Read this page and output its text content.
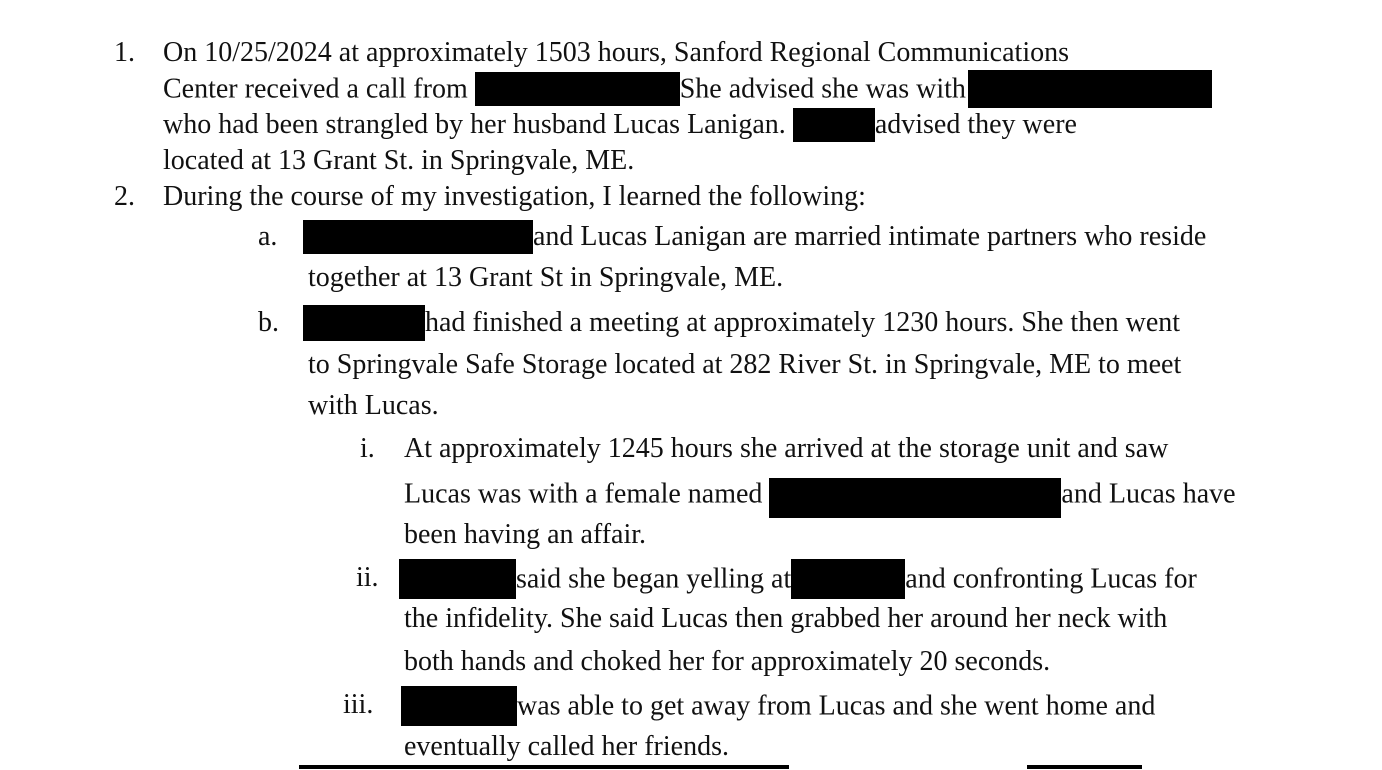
1. On 10/25/2024 at approximately 1503 hours, Sanford Regional Communications
Center received a call from	She advised she was with
who had been strangled by her husband Lucas Lanigan.	advised they were
located at 13 Grant St. in Springvale, ME.
2. During the course of my investigation, I learned the following:
a.	and Lucas Lanigan are married intimate partners who reside
together at 13 Grant St in Springvale, ME.
b.	had finished a meeting at approximately 1230 hours. She then went
to Springvale Safe Storage located at 282 River St. in Springvale, ME to meet
with Lucas.
i. At approximately 1245 hours she arrived at the storage unit and saw
Lucas was with a female named	and Lucas have
been having an affair.
ii.	said she began yelling at	and confronting Lucas for
the infidelity. She said Lucas then grabbed her around her neck with
both hands and choked her for approximately 20 seconds.
iii.	was able to get away from Lucas and she went home and
eventually called her friends.
